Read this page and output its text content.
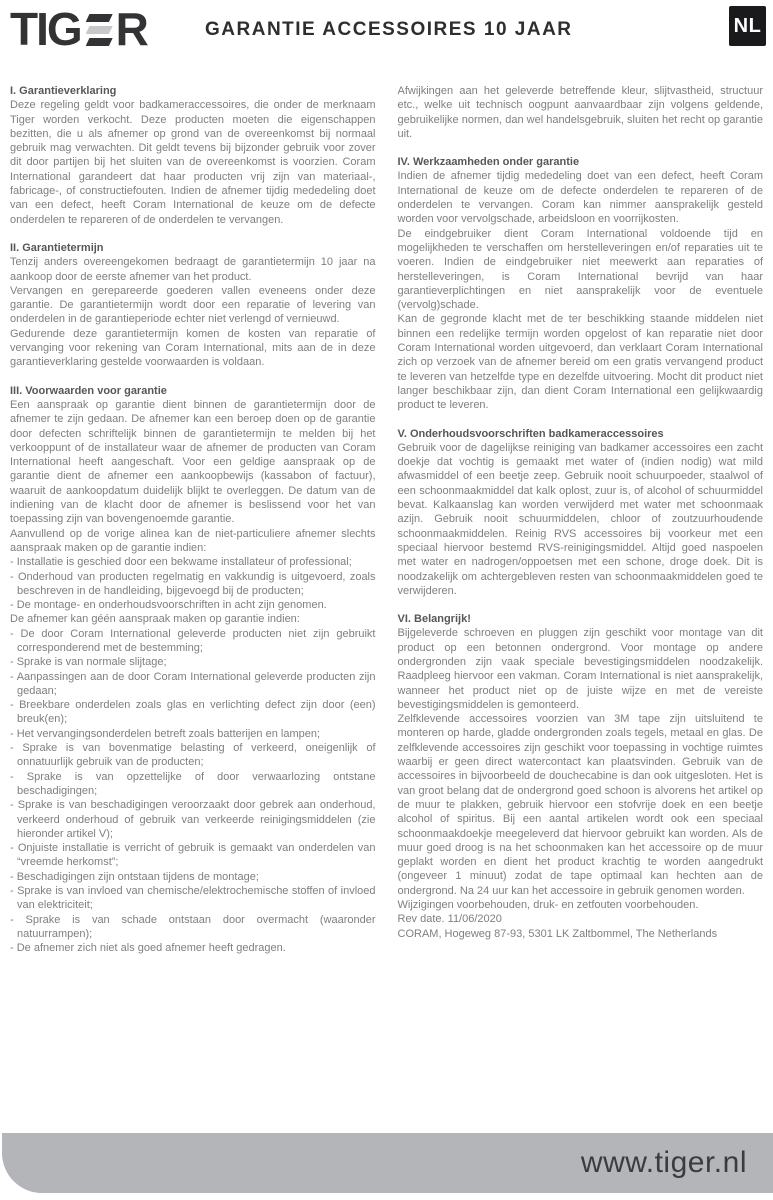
TIG R	GARANTIE ACCESSOIRES 10 JAAR	NL
I. Garantieverklaring

Deze regeling geldt voor badkameraccessoires, die onder de merknaam Tiger worden verkocht. Deze producten moeten die eigenschappen bezitten, die u als afnemer op grond van de overeenkomst bij normaal gebruik mag verwachten. Dit geldt tevens bij bijzonder gebruik voor zover dit door partijen bij het sluiten van de overeenkomst is voorzien. Coram International garandeert dat haar producten vrij zijn van materiaal-, fabricage-, of constructiefouten. Indien de afnemer tijdig mededeling doet van een defect, heeft Coram International de keuze om de defecte onderdelen te repareren of de onderdelen te vervangen.

II. Garantietermijn

Tenzij anders overeengekomen bedraagt de garantietermijn 10 jaar na aankoop door de eerste afnemer van het product.

Vervangen en gerepareerde goederen vallen eveneens onder deze garantie. De garantietermijn wordt door een reparatie of levering van onderdelen in de garantieperiode echter niet verlengd of vernieuwd.

Gedurende deze garantietermijn komen de kosten van reparatie of vervanging voor rekening van Coram International, mits aan de in deze garantieverklaring gestelde voorwaarden is voldaan.

III. Voorwaarden voor garantie

Een aanspraak op garantie dient binnen de garantietermijn door de afnemer te zijn gedaan. De afnemer kan een beroep doen op de garantie door defecten schriftelijk binnen de garantietermijn te melden bij het verkooppunt of de installateur waar de afnemer de producten van Coram International heeft aangeschaft. Voor een geldige aanspraak op de garantie dient de afnemer een aankoopbewijs (kassabon of factuur), waaruit de aankoopdatum duidelijk blijkt te overleggen. De datum van de indiening van de klacht door de afnemer is beslissend voor het van toepassing zijn van bovengenoemde garantie.

Aanvullend op de vorige alinea kan de niet-particuliere afnemer slechts aanspraak maken op de garantie indien:

- Installatie is geschied door een bekwame installateur of professional;

- Onderhoud van producten regelmatig en vakkundig is uitgevoerd, zoals beschreven in de handleiding, bijgevoegd bij de producten;

- De montage- en onderhoudsvoorschriften in acht zijn genomen.

De afnemer kan géén aanspraak maken op garantie indien:

- De door Coram International geleverde producten niet zijn gebruikt corresponderend met de bestemming;

- Sprake is van normale slijtage;

- Aanpassingen aan de door Coram International geleverde producten zijn gedaan;

- Breekbare onderdelen zoals glas en verlichting defect zijn door (een) breuk(en);

- Het vervangingsonderdelen betreft zoals batterijen en lampen;

- Sprake is van bovenmatige belasting of verkeerd, oneigenlijk of onnatuurlijk gebruik van de producten;

- Sprake is van opzettelijke of door verwaarlozing ontstane beschadigingen;

- Sprake is van beschadigingen veroorzaakt door gebrek aan onderhoud, verkeerd onderhoud of gebruik van verkeerde reinigingsmiddelen (zie hieronder artikel V);

- Onjuiste installatie is verricht of gebruik is gemaakt van onderdelen van “vreemde herkomst”;

- Beschadigingen zijn ontstaan tijdens de montage;

- Sprake is van invloed van chemische/elektrochemische stoffen of invloed van elektriciteit;

- Sprake is van schade ontstaan door overmacht (waaronder natuurrampen);

- De afnemer zich niet als goed afnemer heeft gedragen.

Afwijkingen aan het geleverde betreffende kleur, slijtvastheid, structuur etc., welke uit technisch oogpunt aanvaardbaar zijn volgens geldende, gebruikelijke normen, dan wel handelsgebruik, sluiten het recht op garantie uit.

IV. Werkzaamheden onder garantie

Indien de afnemer tijdig mededeling doet van een defect, heeft Coram International de keuze om de defecte onderdelen te repareren of de onderdelen te vervangen. Coram kan nimmer aansprakelijk gesteld worden voor vervolgschade, arbeidsloon en voorrijkosten.

De eindgebruiker dient Coram International voldoende tijd en mogelijkheden te verschaffen om herstelleveringen en/of reparaties uit te voeren. Indien de eindgebruiker niet meewerkt aan reparaties of herstelleveringen, is Coram International bevrijd van haar garantieverplichtingen en niet aansprakelijk voor de eventuele (vervolg)schade.

Kan de gegronde klacht met de ter beschikking staande middelen niet binnen een redelijke termijn worden opgelost of kan reparatie niet door Coram International worden uitgevoerd, dan verklaart Coram International zich op verzoek van de afnemer bereid om een gratis vervangend product te leveren van hetzelfde type en dezelfde uitvoering. Mocht dit product niet langer beschikbaar zijn, dan dient Coram International een gelijkwaardig product te leveren.

V. Onderhoudsvoorschriften badkameraccessoires

Gebruik voor de dagelijkse reiniging van badkamer accessoires een zacht doekje dat vochtig is gemaakt met water of (indien nodig) wat mild afwasmiddel of een beetje zeep. Gebruik nooit schuurpoeder, staalwol of een schoonmaakmiddel dat kalk oplost, zuur is, of alcohol of schuurmiddel bevat. Kalkaanslag kan worden verwijderd met water met schoonmaak azijn. Gebruik nooit schuurmiddelen, chloor of zoutzuurhoudende schoonmaakmiddelen. Reinig RVS accessoires bij voorkeur met een speciaal hiervoor bestemd RVS-reinigingsmiddel. Altijd goed naspoelen met water en nadrogen/oppoetsen met een schone, droge doek. Dit is noodzakelijk om achtergebleven resten van schoonmaakmiddelen goed te verwijderen.

VI. Belangrijk!

Bijgeleverde schroeven en pluggen zijn geschikt voor montage van dit product op een betonnen ondergrond. Voor montage op andere ondergronden zijn vaak speciale bevestigingsmiddelen noodzakelijk. Raadpleeg hiervoor een vakman. Coram International is niet aansprakelijk, wanneer het product niet op de juiste wijze en met de vereiste bevestigingsmiddelen is gemonteerd.

Zelfklevende accessoires voorzien van 3M tape zijn uitsluitend te monteren op harde, gladde ondergronden zoals tegels, metaal en glas. De zelfklevende accessoires zijn geschikt voor toepassing in vochtige ruimtes waarbij er geen direct watercontact kan plaatsvinden. Gebruik van de accessoires in bijvoorbeeld de douchecabine is dan ook uitgesloten. Het is van groot belang dat de ondergrond goed schoon is alvorens het artikel op de muur te plakken, gebruik hiervoor een stofvrije doek en een beetje alcohol of spiritus. Bij een aantal artikelen wordt ook een speciaal schoonmaakdoekje meegeleverd dat hiervoor gebruikt kan worden. Als de muur goed droog is na het schoonmaken kan het accessoire op de muur geplakt worden en dient het product krachtig te worden aangedrukt (ongeveer 1 minuut) zodat de tape optimaal kan hechten aan de ondergrond. Na 24 uur kan het accessoire in gebruik genomen worden.

Wijzigingen voorbehouden, druk- en zetfouten voorbehouden.

Rev date. 11/06/2020

CORAM, Hogeweg 87-93, 5301 LK Zaltbommel, The Netherlands

www.tiger.nl
